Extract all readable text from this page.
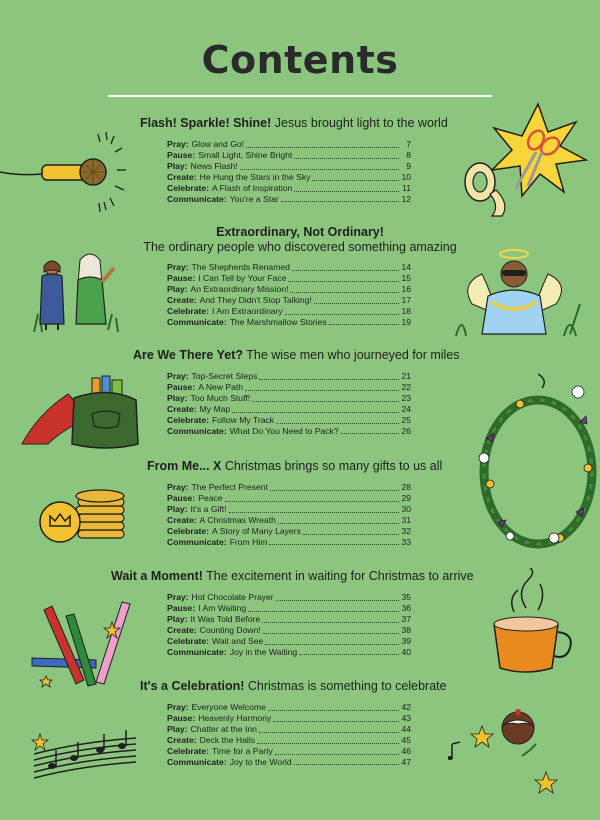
Contents
Flash! Sparkle! Shine! Jesus brought light to the world
Pray: Glow and Go!	7
Pause: Small Light, Shine Bright	8
Play: News Flash!	9
Create: He Hung the Stars in the Sky	10
Celebrate: A Flash of Inspiration	11
Communicate: You're a Star	12
Extraordinary, Not Ordinary!
The ordinary people who discovered something amazing
Pray: The Shepherds Renamed	14
Pause: I Can Tell by Your Face	15
Play: An Extraordinary Mission!	16
Create: And They Didn't Stop Talking!	17
Celebrate: I Am Extraordinary	18
Communicate: The Marshmallow Stories	19
Are We There Yet? The wise men who journeyed for miles
Pray: Top-Secret Steps	21
Pause: A New Path	22
Play: Too Much Stuff!	23
Create: My Map	24
Celebrate: Follow My Track	25
Communicate: What Do You Need to Pack?	26
From Me... X Christmas brings so many gifts to us all
Pray: The Perfect Present	28
Pause: Peace	29
Play: It's a Gift!	30
Create: A Christmas Wreath	31
Celebrate: A Story of Many Layers	32
Communicate: From Him	33
Wait a Moment! The excitement in waiting for Christmas to arrive
Pray: Hot Chocolate Prayer	35
Pause: I Am Waiting	36
Play: It Was Told Before	37
Create: Counting Down!	38
Celebrate: Wait and See	39
Communicate: Joy in the Waiting	40
It's a Celebration! Christmas is something to celebrate
Pray: Everyone Welcome	42
Pause: Heavenly Harmony	43
Play: Chatter at the Inn	44
Create: Deck the Halls	45
Celebrate: Time for a Party	46
Communicate: Joy to the World	47
